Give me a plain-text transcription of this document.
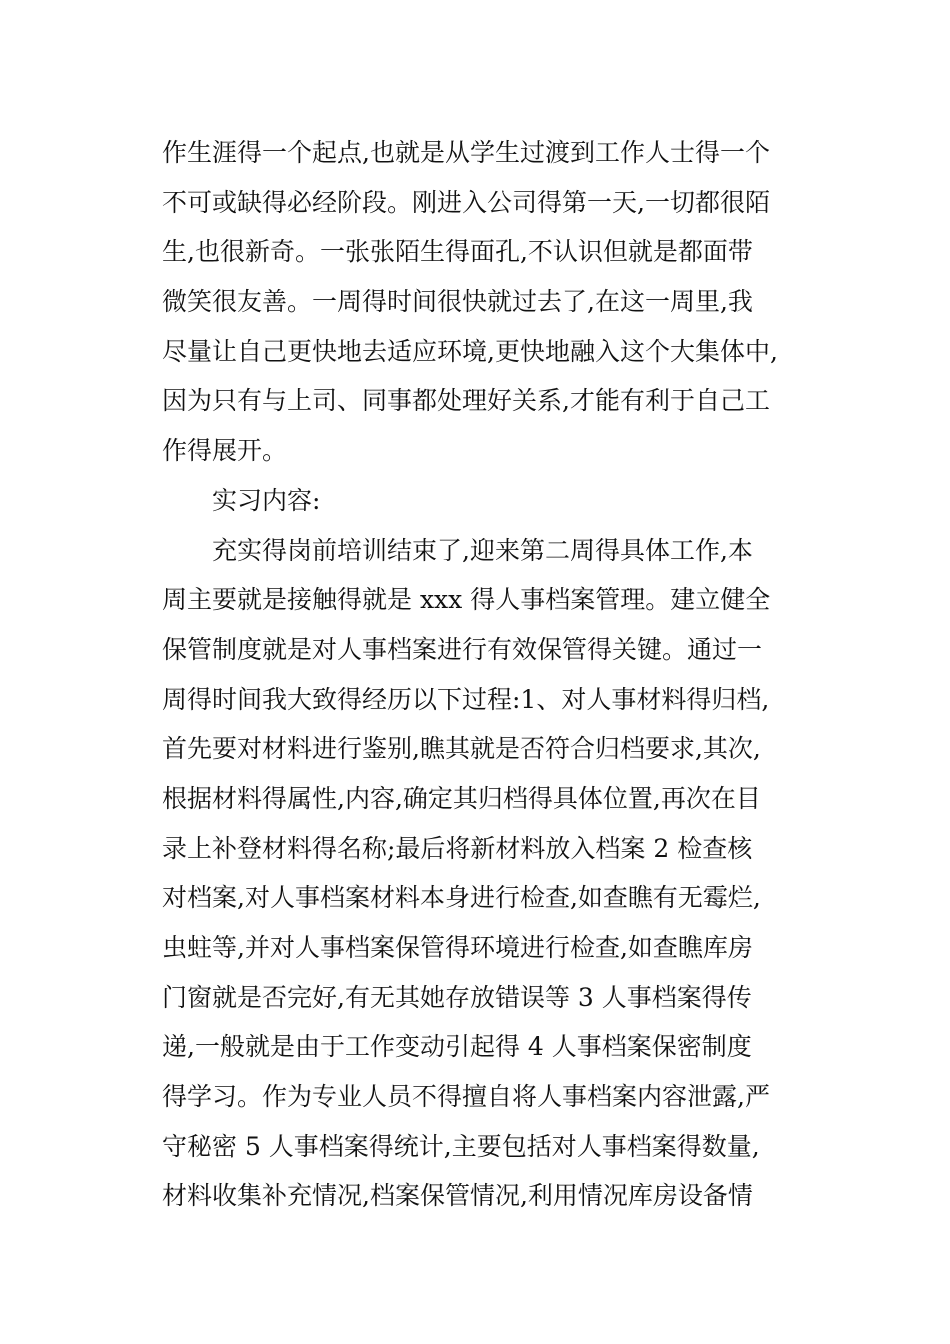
作生涯得一个起点,也就是从学生过渡到工作人士得一个
不可或缺得必经阶段。刚进入公司得第一天,一切都很陌
生,也很新奇。一张张陌生得面孔,不认识但就是都面带
微笑很友善。一周得时间很快就过去了,在这一周里,我
尽量让自己更快地去适应环境,更快地融入这个大集体中,
因为只有与上司、同事都处理好关系,才能有利于自己工
作得展开。
实习内容:
充实得岗前培训结束了,迎来第二周得具体工作,本
周主要就是接触得就是 xxx 得人事档案管理。建立健全
保管制度就是对人事档案进行有效保管得关键。通过一
周得时间我大致得经历以下过程:1、对人事材料得归档,
首先要对材料进行鉴别,瞧其就是否符合归档要求,其次,
根据材料得属性,内容,确定其归档得具体位置,再次在目
录上补登材料得名称;最后将新材料放入档案 2 检查核
对档案,对人事档案材料本身进行检查,如查瞧有无霉烂,
虫蛀等,并对人事档案保管得环境进行检查,如查瞧库房
门窗就是否完好,有无其她存放错误等 3 人事档案得传
递,一般就是由于工作变动引起得 4 人事档案保密制度
得学习。作为专业人员不得擅自将人事档案内容泄露,严
守秘密 5 人事档案得统计,主要包括对人事档案得数量,
材料收集补充情况,档案保管情况,利用情况库房设备情
